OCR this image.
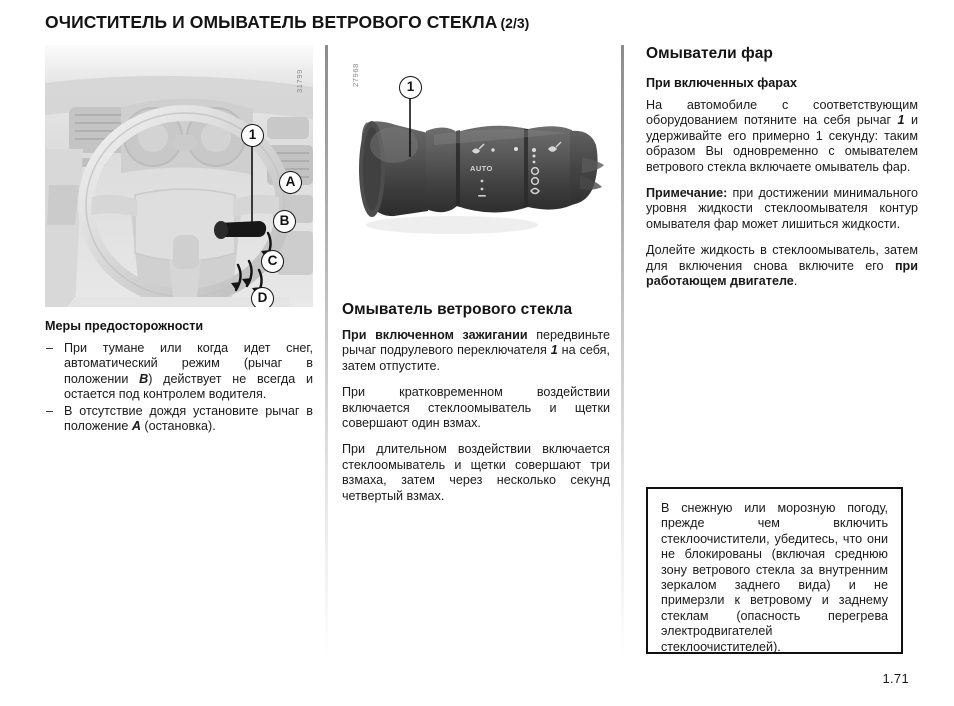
ОЧИСТИТЕЛЬ И ОМЫВАТЕЛЬ ВЕТРОВОГО СТЕКЛА (2/3)
31799
1
A
B
C
D
Меры предосторожности
– При тумане или когда идет снег, автоматический режим (рычаг в положении B) действует не всегда и остается под контролем водителя.
– В отсутствие дождя установите рычаг в положение A (остановка).
AUTO
27968	1
Омыватель ветрового стекла

При включенном зажигании передвиньте рычаг подрулевого переключателя 1 на себя, затем отпустите.

При кратковременном воздействии включается стеклоомыватель и щетки совершают один взмах.

При длительном воздействии включается стеклоомыватель и щетки совершают три взмаха, затем через несколько секунд четвертый взмах.

Омыватели фар
При включенных фарах

На автомобиле с соответствующим оборудованием потяните на себя рычаг 1 и удерживайте его примерно 1 секунду: таким образом Вы одновременно с омывателем ветрового стекла включаете омыватель фар.

Примечание: при достижении минимального уровня жидкости стеклоомывателя контур омывателя фар может лишиться жидкости.

Долейте жидкость в стеклоомыватель, затем для включения снова включите его при работающем двигателе.

В снежную или морозную погоду, прежде чем включить стеклоочистители, убедитесь, что они не блокированы (включая среднюю зону ветрового стекла за внутренним зеркалом заднего вида) и не примерзли к ветровому и заднему стеклам (опасность перегрева электродвигателей стеклоочистителей).

1.71
